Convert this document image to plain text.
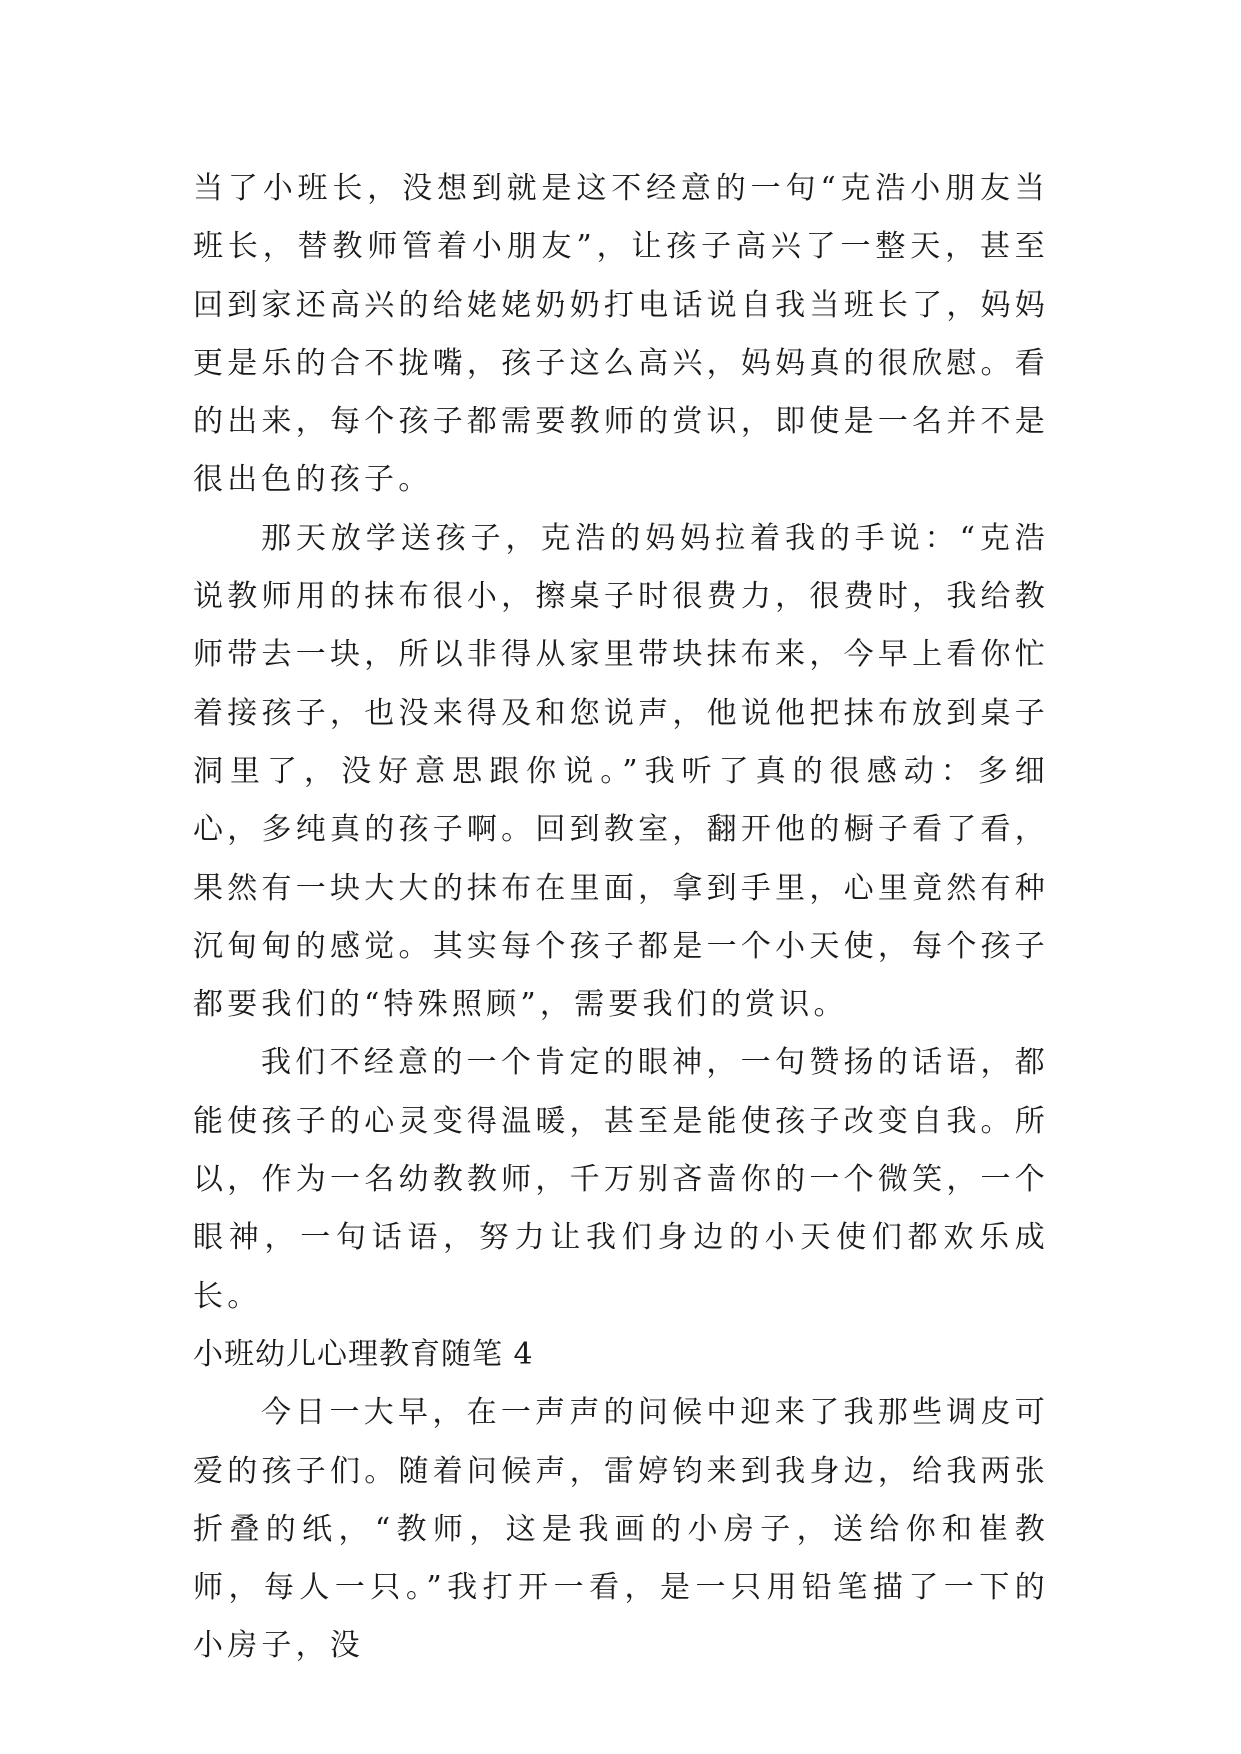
当了小班长，没想到就是这不经意的一句“克浩小朋友当班长，替教师管着小朋友”，让孩子高兴了一整天，甚至回到家还高兴的给姥姥奶奶打电话说自我当班长了，妈妈更是乐的合不拢嘴，孩子这么高兴，妈妈真的很欣慰。看的出来，每个孩子都需要教师的赏识，即使是一名并不是很出色的孩子。

那天放学送孩子，克浩的妈妈拉着我的手说：“克浩说教师用的抹布很小，擦桌子时很费力，很费时，我给教师带去一块，所以非得从家里带块抹布来，今早上看你忙着接孩子，也没来得及和您说声，他说他把抹布放到桌子洞里了，没好意思跟你说。”我听了真的很感动：多细心，多纯真的孩子啊。回到教室，翻开他的橱子看了看，果然有一块大大的抹布在里面，拿到手里，心里竟然有种沉甸甸的感觉。其实每个孩子都是一个小天使，每个孩子都要我们的“特殊照顾”，需要我们的赏识。

我们不经意的一个肯定的眼神，一句赞扬的话语，都能使孩子的心灵变得温暖，甚至是能使孩子改变自我。所以，作为一名幼教教师，千万别吝啬你的一个微笑，一个眼神，一句话语，努力让我们身边的小天使们都欢乐成长。

小班幼儿心理教育随笔 4

今日一大早，在一声声的问候中迎来了我那些调皮可爱的孩子们。随着问候声，雷婷钧来到我身边，给我两张折叠的纸，“教师，这是我画的小房子，送给你和崔教师，每人一只。”我打开一看，是一只用铅笔描了一下的小房子，没
